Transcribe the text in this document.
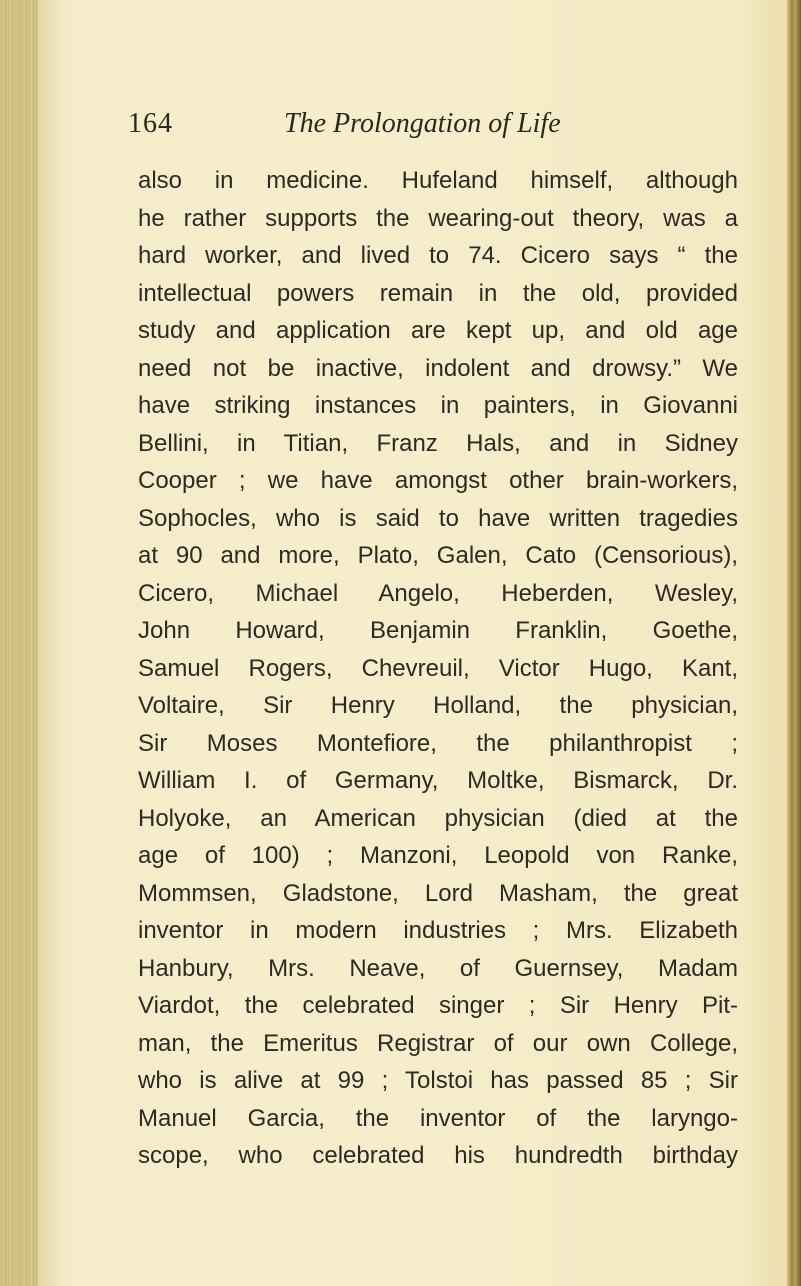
164	The Prolongation of Life
also in medicine. Hufeland himself, although
he rather supports the wearing-out theory, was a
hard worker, and lived to 74. Cicero says “ the
intellectual powers remain in the old, provided
study and application are kept up, and old age
need not be inactive, indolent and drowsy.” We
have striking instances in painters, in Giovanni
Bellini, in Titian, Franz Hals, and in Sidney
Cooper ; we have amongst other brain-workers,
Sophocles, who is said to have written tragedies
at 90 and more, Plato, Galen, Cato (Censorious),
Cicero, Michael Angelo, Heberden, Wesley,
John Howard, Benjamin Franklin, Goethe,
Samuel Rogers, Chevreuil, Victor Hugo, Kant,
Voltaire, Sir Henry Holland, the physician,
Sir Moses Montefiore, the philanthropist ;
William I. of Germany, Moltke, Bismarck, Dr.
Holyoke, an American physician (died at the
age of 100) ; Manzoni, Leopold von Ranke,
Mommsen, Gladstone, Lord Masham, the great
inventor in modern industries ; Mrs. Elizabeth
Hanbury, Mrs. Neave, of Guernsey, Madam
Viardot, the celebrated singer ; Sir Henry Pit-
man, the Emeritus Registrar of our own College,
who is alive at 99 ; Tolstoi has passed 85 ; Sir
Manuel Garcia, the inventor of the laryngo-
scope, who celebrated his hundredth birthday
